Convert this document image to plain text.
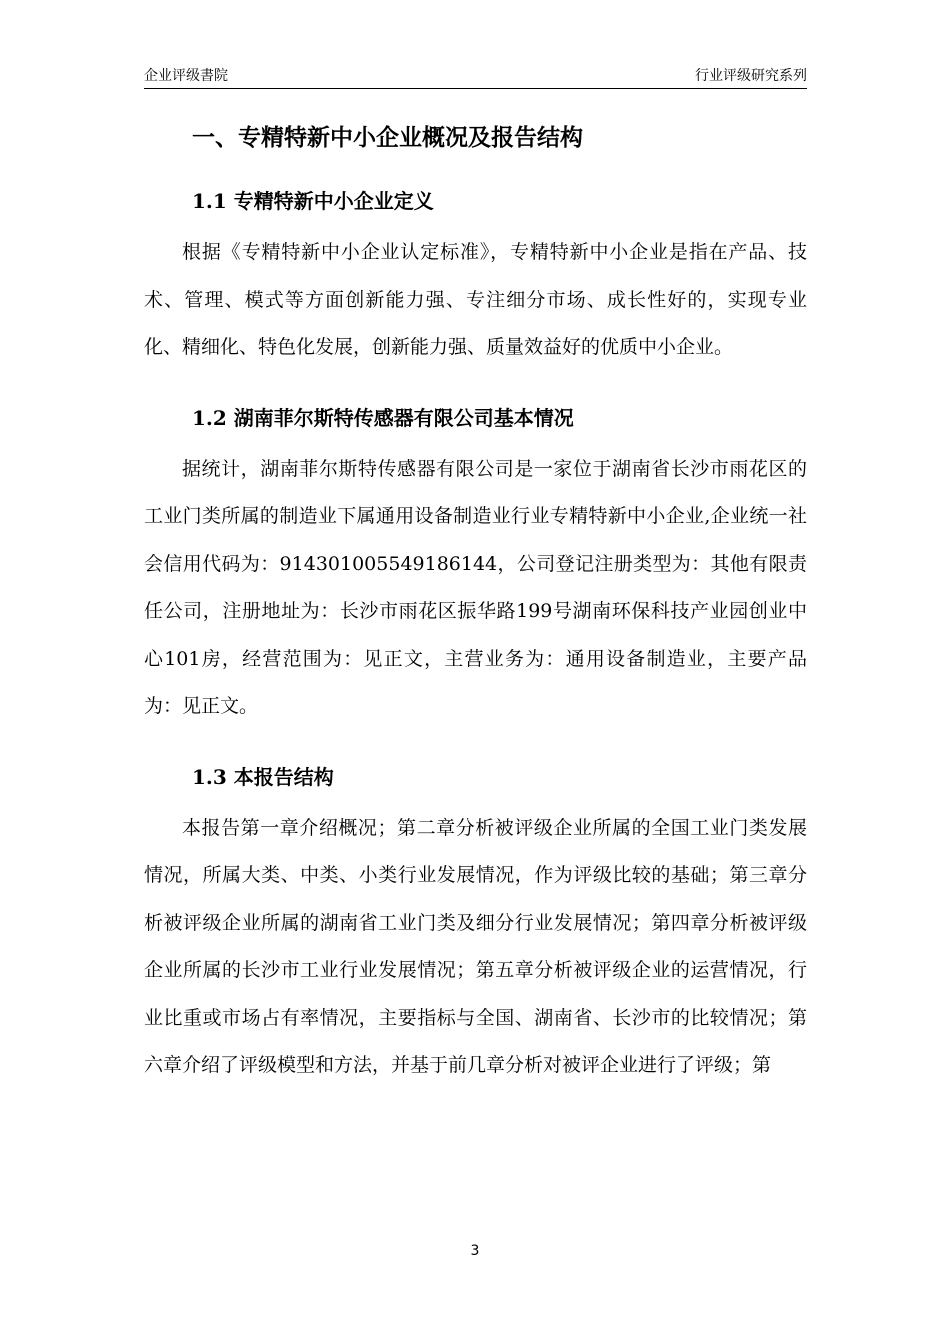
企业评级書院	行业评级研究系列
一、专精特新中小企业概况及报告结构
1.1 专精特新中小企业定义

根据《专精特新中小企业认定标准》，专精特新中小企业是指在产品、技术、管理、模式等方面创新能力强、专注细分市场、成长性好的，实现专业化、精细化、特色化发展，创新能力强、质量效益好的优质中小企业。

1.2 湖南菲尔斯特传感器有限公司基本情况

据统计，湖南菲尔斯特传感器有限公司是一家位于湖南省长沙市雨花区的工业门类所属的制造业下属通用设备制造业行业专精特新中小企业,企业统一社会信用代码为：914301005549186144，公司登记注册类型为：其他有限责任公司，注册地址为：长沙市雨花区振华路199号湖南环保科技产业园创业中心101房，经营范围为：见正文，主营业务为：通用设备制造业，主要产品为：见正文。

1.3 本报告结构

本报告第一章介绍概况；第二章分析被评级企业所属的全国工业门类发展情况，所属大类、中类、小类行业发展情况，作为评级比较的基础；第三章分析被评级企业所属的湖南省工业门类及细分行业发展情况；第四章分析被评级企业所属的长沙市工业行业发展情况；第五章分析被评级企业的运营情况，行业比重或市场占有率情况，主要指标与全国、湖南省、长沙市的比较情况；第六章介绍了评级模型和方法，并基于前几章分析对被评企业进行了评级；第

3
